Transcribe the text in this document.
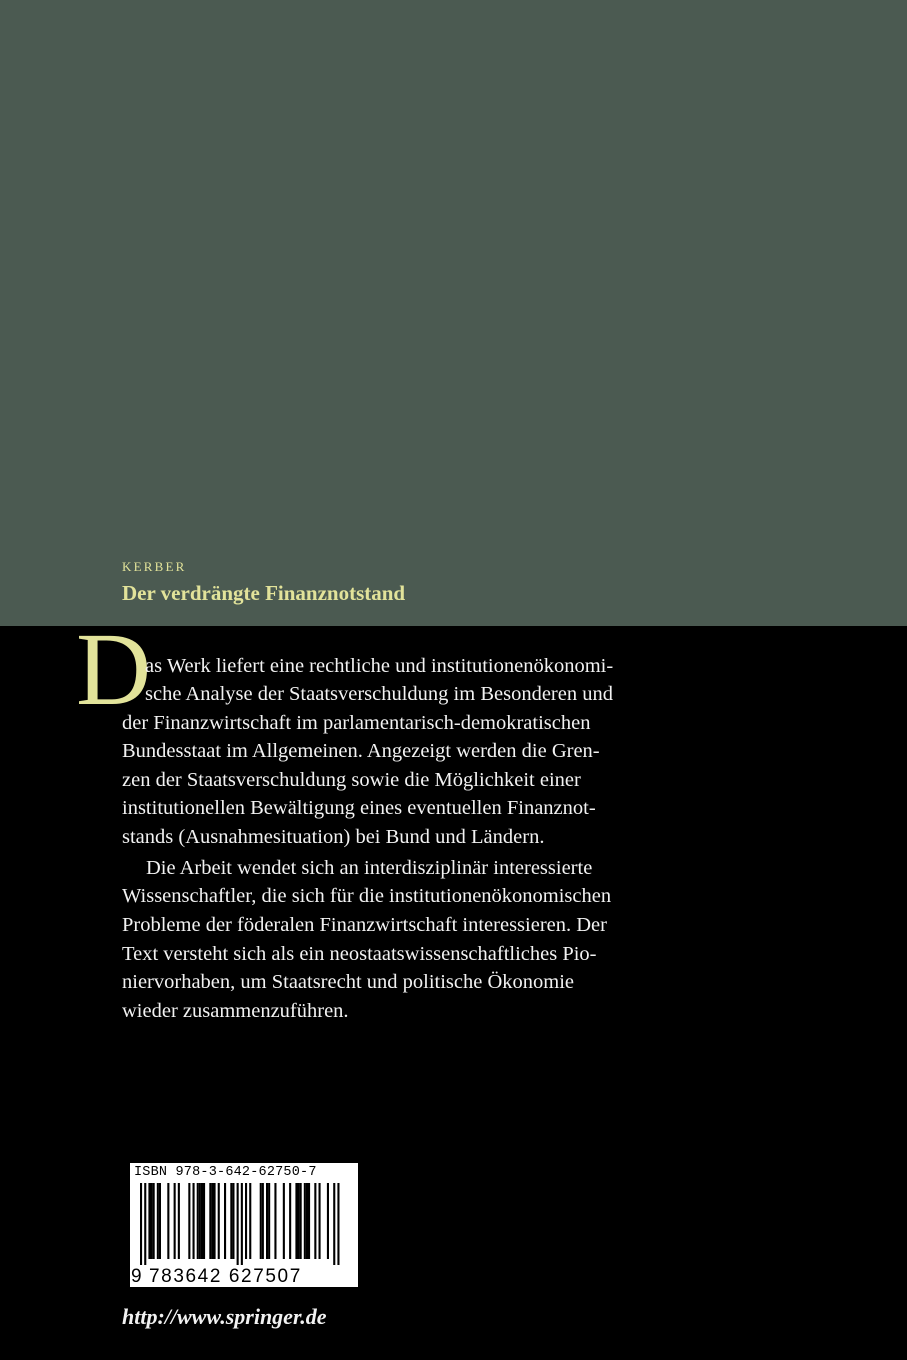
KERBER
Der verdrängte Finanznotstand
D
as Werk liefert eine rechtliche und institutionenökonomi-
sche Analyse der Staatsverschuldung im Besonderen und
der Finanzwirtschaft im parlamentarisch-demokratischen
Bundesstaat im Allgemeinen. Angezeigt werden die Gren-
zen der Staatsverschuldung sowie die Möglichkeit einer
institutionellen Bewältigung eines eventuellen Finanznot-
stands (Ausnahmesituation) bei Bund und Ländern.
Die Arbeit wendet sich an interdisziplinär interessierte
Wissenschaftler, die sich für die institutionenökonomischen
Probleme der föderalen Finanzwirtschaft interessieren. Der
Text versteht sich als ein neostaatswissenschaftliches Pio-
niervorhaben, um Staatsrecht und politische Ökonomie
wieder zusammenzuführen.
ISBN 978-3-642-62750-7
9 783642 627507
http://www.springer.de
